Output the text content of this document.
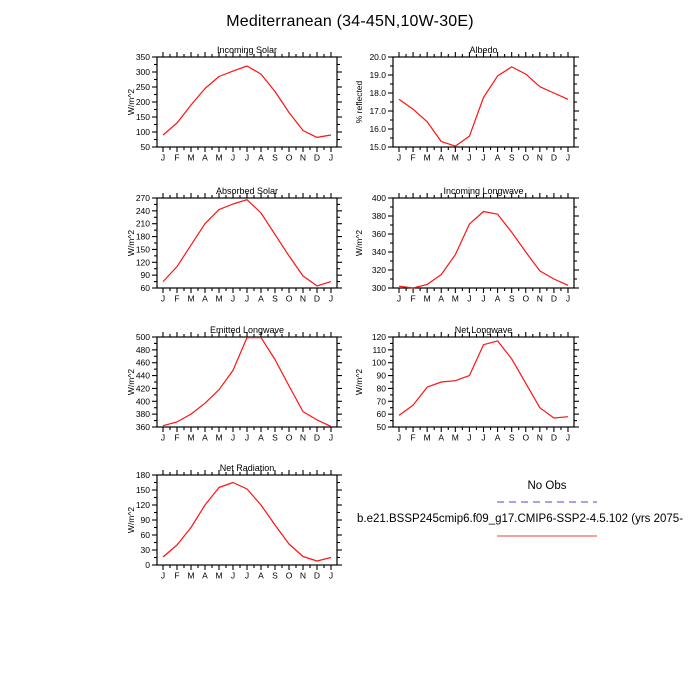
Mediterranean (34-45N,10W-30E)
Incoming Solar
50
100
150
200
250
300
350
J F M A M J J A S O N D J
W/m^2
Albedo
15.0
16.0
17.0
18.0
19.0
20.0
J F M A M J J A S O N D J
% reflected
Absorbed Solar
60
90
120
150
180
210
240
270
J F M A M J J A S O N D J
W/m^2
Incoming Longwave
300
320
340
360
380
400
J F M A M J J A S O N D J
W/m^2
Emitted Longwave
360
380
400
420
440
460
480
500
J F M A M J J A S O N D J
W/m^2
Net Longwave
50
60
70
80
90
100
110
120
J F M A M J J A S O N D J
W/m^2
Net Radiation
0
30
60
90
120
150
180
J F M A M J J A S O N D J
W/m^2
No Obs
b.e21.BSSP245cmip6.f09_g17.CMIP6-SSP2-4.5.102 (yrs 2075-
